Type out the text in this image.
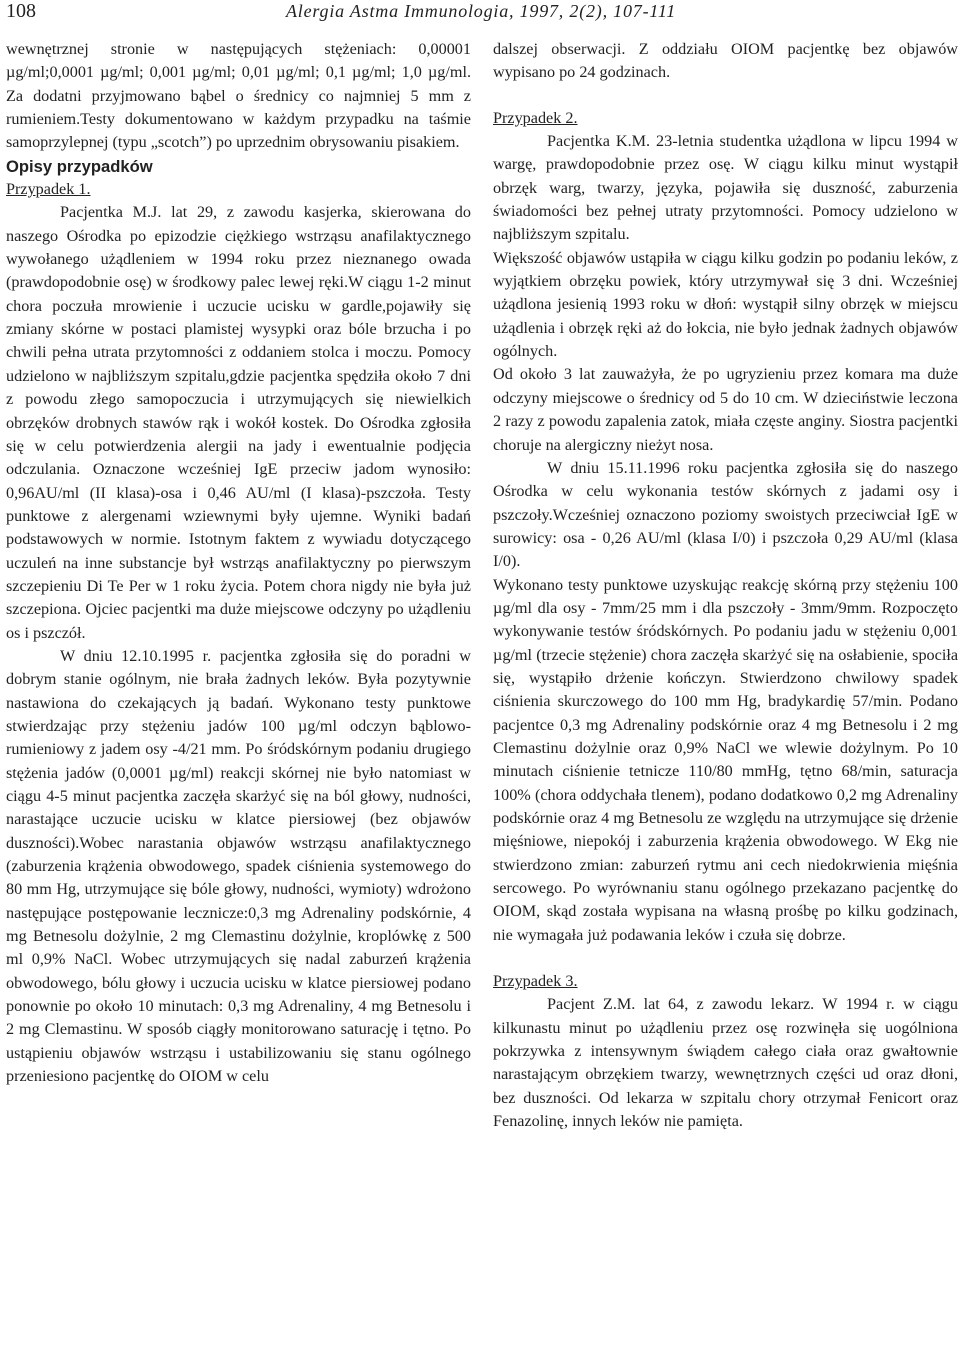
108	Alergia Astma Immunologia, 1997, 2(2), 107-111

wewnętrznej stronie w następujących stężeniach: 0,00001 µg/ml;0,0001 µg/ml; 0,001 µg/ml; 0,01 µg/ml; 0,1 µg/ml; 1,0 µg/ml. Za dodatni przyjmowano bąbel o średnicy co najmniej 5 mm z rumieniem.Testy dokumentowano w każdym przypadku na taśmie samoprzylepnej (typu „scotch”) po uprzednim obrysowaniu pisakiem.

Opisy przypadków

Przypadek 1.

Pacjentka M.J. lat 29, z zawodu kasjerka, skierowana do naszego Ośrodka po epizodzie ciężkiego wstrząsu anafilaktycznego wywołanego użądleniem w 1994 roku przez nieznanego owada (prawdopodobnie osę) w środkowy palec lewej ręki.W ciągu 1-2 minut chora poczuła mrowienie i uczucie ucisku w gardle,pojawiły się zmiany skórne w postaci plamistej wysypki oraz bóle brzucha i po chwili pełna utrata przytomności z oddaniem stolca i moczu. Pomocy udzielono w najbliższym szpitalu,gdzie pacjentka spędziła około 7 dni z powodu złego samopoczucia i utrzymujących się niewielkich obrzęków drobnych stawów rąk i wokół kostek. Do Ośrodka zgłosiła się w celu potwierdzenia alergii na jady i ewentualnie podjęcia odczulania. Oznaczone wcześniej IgE przeciw jadom wynosiło: 0,96AU/ml (II klasa)-osa i 0,46 AU/ml (I klasa)-pszczoła. Testy punktowe z alergenami wziewnymi były ujemne. Wyniki badań podstawowych w normie. Istotnym faktem z wywiadu dotyczącego uczuleń na inne substancje był wstrząs anafilaktyczny po pierwszym szczepieniu Di Te Per w 1 roku życia. Potem chora nigdy nie była już szczepiona. Ojciec pacjentki ma duże miejscowe odczyny po użądleniu os i pszczół.

W dniu 12.10.1995 r. pacjentka zgłosiła się do poradni w dobrym stanie ogólnym, nie brała żadnych leków. Była pozytywnie nastawiona do czekających ją badań. Wykonano testy punktowe stwierdzając przy stężeniu jadów 100 µg/ml odczyn bąblowo-rumieniowy z jadem osy -4/21 mm. Po śródskórnym podaniu drugiego stężenia jadów (0,0001 µg/ml) reakcji skórnej nie było natomiast w ciągu 4-5 minut pacjentka zaczęła skarżyć się na ból głowy, nudności, narastające uczucie ucisku w klatce piersiowej (bez objawów duszności).Wobec narastania objawów wstrząsu anafilaktycznego (zaburzenia krążenia obwodowego, spadek ciśnienia systemowego do 80 mm Hg, utrzymujące się bóle głowy, nudności, wymioty) wdrożono następujące postępowanie lecznicze:0,3 mg Adrenaliny podskórnie, 4 mg Betnesolu dożylnie, 2 mg Clemastinu dożylnie, kroplówkę z 500 ml 0,9% NaCl. Wobec utrzymujących się nadal zaburzeń krążenia obwodowego, bólu głowy i uczucia ucisku w klatce piersiowej podano ponownie po około 10 minutach: 0,3 mg Adrenaliny, 4 mg Betnesolu i 2 mg Clemastinu. W sposób ciągły monitorowano saturację i tętno. Po ustąpieniu objawów wstrząsu i ustabilizowaniu się stanu ogólnego przeniesiono pacjentkę do OIOM w celu

dalszej obserwacji. Z oddziału OIOM pacjentkę bez objawów wypisano po 24 godzinach.

Przypadek 2.

Pacjentka K.M. 23-letnia studentka użądlona w lipcu 1994 w wargę, prawdopodobnie przez osę. W ciągu kilku minut wystąpił obrzęk warg, twarzy, języka, pojawiła się duszność, zaburzenia świadomości bez pełnej utraty przytomności. Pomocy udzielono w najbliższym szpitalu.

Większość objawów ustąpiła w ciągu kilku godzin po podaniu leków, z wyjątkiem obrzęku powiek, który utrzymywał się 3 dni. Wcześniej użądlona jesienią 1993 roku w dłoń: wystąpił silny obrzęk w miejscu użądlenia i obrzęk ręki aż do łokcia, nie było jednak żadnych objawów ogólnych.

Od około 3 lat zauważyła, że po ugryzieniu przez komara ma duże odczyny miejscowe o średnicy od 5 do 10 cm. W dzieciństwie leczona 2 razy z powodu zapalenia zatok, miała częste anginy. Siostra pacjentki choruje na alergiczny nieżyt nosa.

W dniu 15.11.1996 roku pacjentka zgłosiła się do naszego Ośrodka w celu wykonania testów skórnych z jadami osy i pszczoły.Wcześniej oznaczono poziomy swoistych przeciwciał IgE w surowicy: osa - 0,26 AU/ml (klasa I/0) i pszczoła 0,29 AU/ml (klasa I/0).

Wykonano testy punktowe uzyskując reakcję skórną przy stężeniu 100 µg/ml dla osy - 7mm/25 mm i dla pszczoły - 3mm/9mm. Rozpoczęto wykonywanie testów śródskórnych. Po podaniu jadu w stężeniu 0,001 µg/ml (trzecie stężenie) chora zaczęła skarżyć się na osłabienie, spociła się, wystąpiło drżenie kończyn. Stwierdzono chwilowy spadek ciśnienia skurczowego do 100 mm Hg, bradykardię 57/min. Podano pacjentce 0,3 mg Adrenaliny podskórnie oraz 4 mg Betnesolu i 2 mg Clemastinu dożylnie oraz 0,9% NaCl we wlewie dożylnym. Po 10 minutach ciśnienie tetnicze 110/80 mmHg, tętno 68/min, saturacja 100% (chora oddychała tlenem), podano dodatkowo 0,2 mg Adrenaliny podskórnie oraz 4 mg Betnesolu ze względu na utrzymujące się drżenie mięśniowe, niepokój i zaburzenia krążenia obwodowego. W Ekg nie stwierdzono zmian: zaburzeń rytmu ani cech niedokrwienia mięśnia sercowego. Po wyrównaniu stanu ogólnego przekazano pacjentkę do OIOM, skąd została wypisana na własną prośbę po kilku godzinach, nie wymagała już podawania leków i czuła się dobrze.

Przypadek 3.

Pacjent Z.M. lat 64, z zawodu lekarz. W 1994 r. w ciągu kilkunastu minut po użądleniu przez osę rozwinęła się uogólniona pokrzywka z intensywnym świądem całego ciała oraz gwałtownie narastającym obrzękiem twarzy, wewnętrznych części ud oraz dłoni, bez duszności. Od lekarza w szpitalu chory otrzymał Fenicort oraz Fenazolinę, innych leków nie pamięta.
